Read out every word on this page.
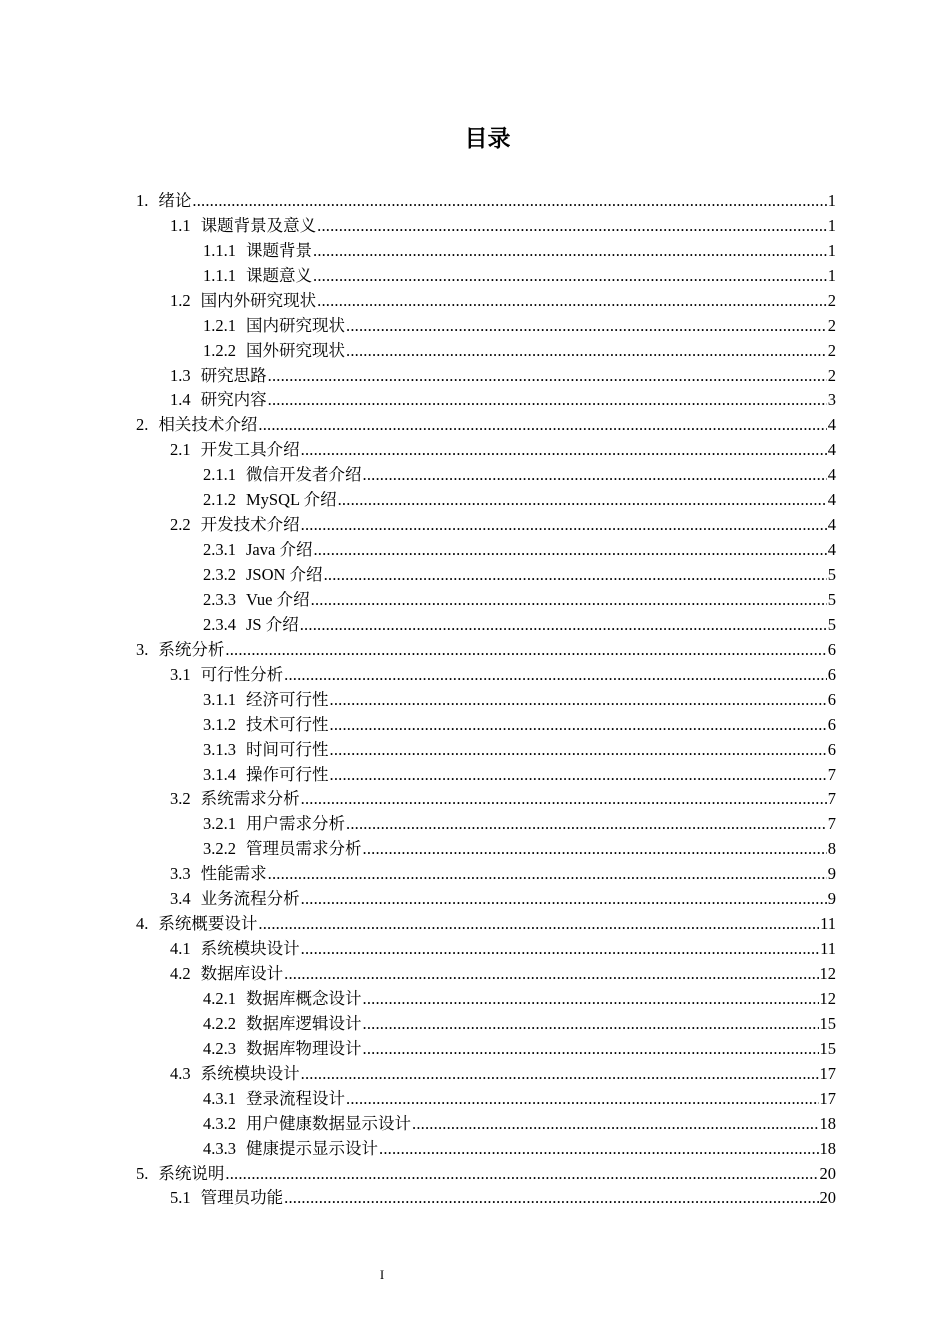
目录
1. 绪论 .....	1
1.1 课题背景及意义 .....	1
1.1.1 课题背景 .....	1
1.1.1 课题意义 .....	1
1.2 国内外研究现状 .....	2
1.2.1 国内研究现状 .....	2
1.2.2 国外研究现状 .....	2
1.3 研究思路 .....	2
1.4 研究内容 .....	3
2. 相关技术介绍 .....	4
2.1 开发工具介绍 .....	4
2.1.1 微信开发者介绍 .....	4
2.1.2 MySQL 介绍 .....	4
2.2 开发技术介绍 .....	4
2.3.1 Java 介绍 .....	4
2.3.2 JSON 介绍 .....	5
2.3.3 Vue 介绍 .....	5
2.3.4 JS 介绍 .....	5
3. 系统分析 .....	6
3.1 可行性分析 .....	6
3.1.1 经济可行性 .....	6
3.1.2 技术可行性 .....	6
3.1.3 时间可行性 .....	6
3.1.4 操作可行性 .....	7
3.2 系统需求分析 .....	7
3.2.1 用户需求分析 .....	7
3.2.2 管理员需求分析 .....	8
3.3 性能需求 .....	9
3.4 业务流程分析 .....	9
4. 系统概要设计 .....	11
4.1 系统模块设计 .....	11
4.2 数据库设计 .....	12
4.2.1 数据库概念设计 .....	12
4.2.2 数据库逻辑设计 .....	15
4.2.3 数据库物理设计 .....	15
4.3 系统模块设计 .....	17
4.3.1 登录流程设计 .....	17
4.3.2 用户健康数据显示设计 .....	18
4.3.3 健康提示显示设计 .....	18
5. 系统说明 .....	20
5.1 管理员功能 .....	20
I
